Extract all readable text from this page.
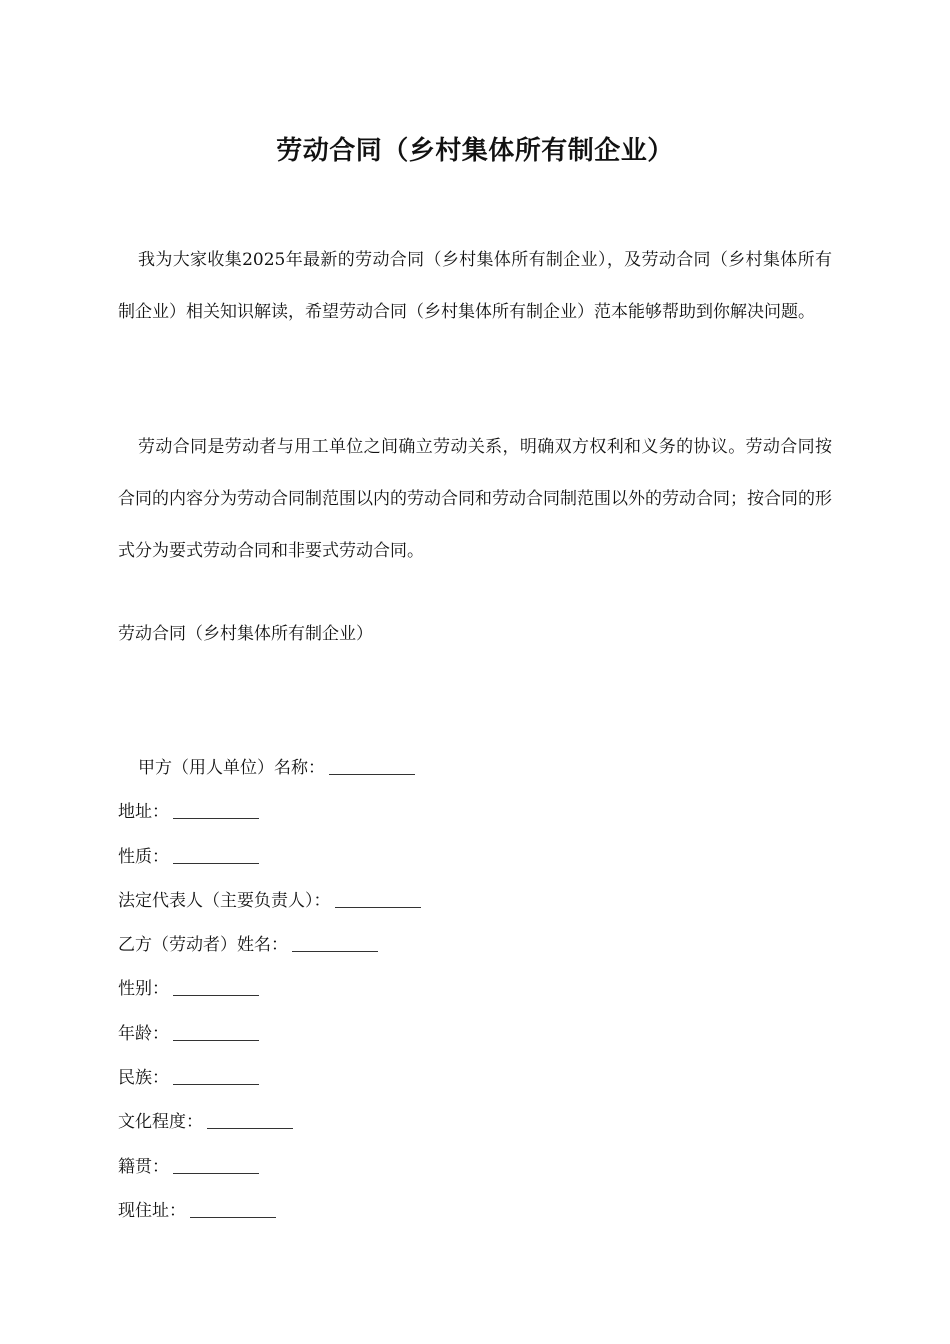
劳动合同（乡村集体所有制企业）
我为大家收集2025年最新的劳动合同（乡村集体所有制企业），及劳动合同（乡村集体所有制企业）相关知识解读，希望劳动合同（乡村集体所有制企业）范本能够帮助到你解决问题。
劳动合同是劳动者与用工单位之间确立劳动关系，明确双方权利和义务的协议。劳动合同按合同的内容分为劳动合同制范围以内的劳动合同和劳动合同制范围以外的劳动合同；按合同的形式分为要式劳动合同和非要式劳动合同。
劳动合同（乡村集体所有制企业）
甲方（用人单位）名称：
地址：
性质：
法定代表人（主要负责人）：
乙方（劳动者）姓名：
性别：
年龄：
民族：
文化程度：
籍贯：
现住址：
